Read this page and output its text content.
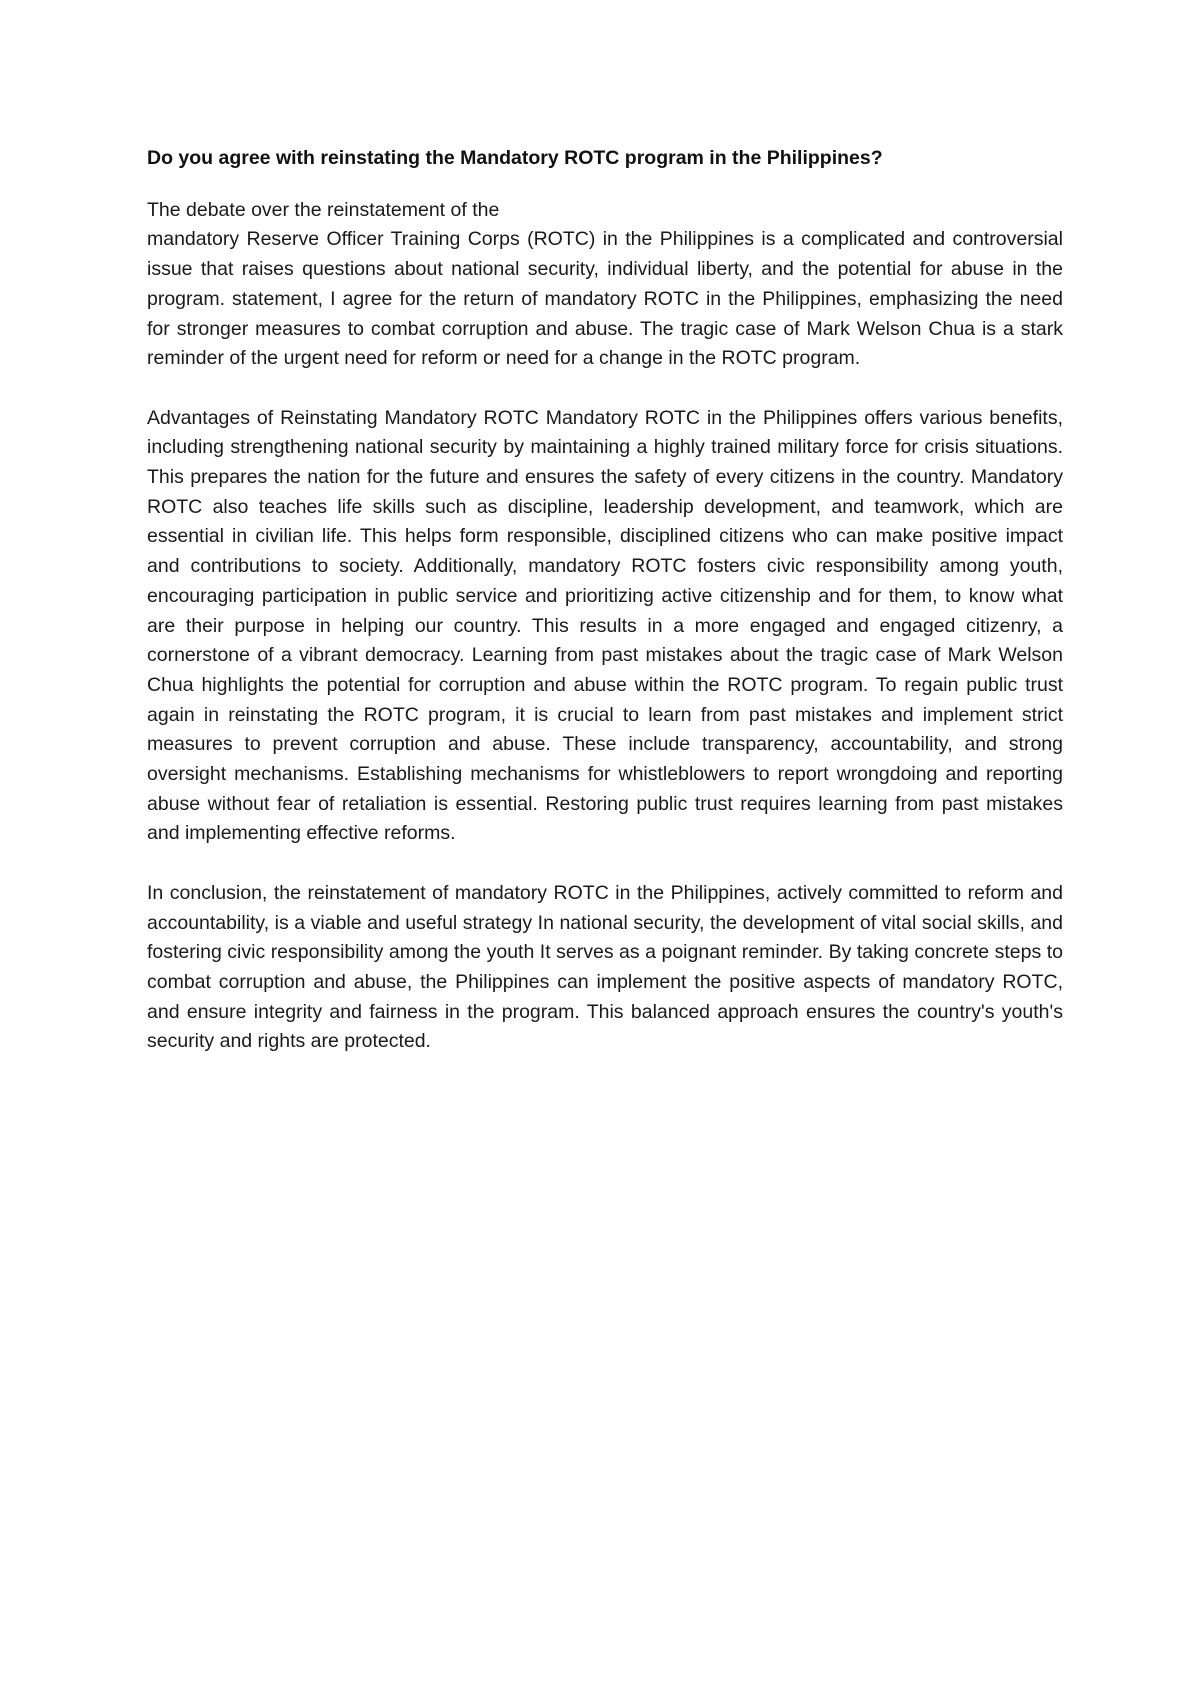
Do you agree with reinstating the Mandatory ROTC program in the Philippines?

The debate over the reinstatement of the

mandatory Reserve Officer Training Corps (ROTC) in the Philippines is a complicated and controversial issue that raises questions about national security, individual liberty, and the potential for abuse in the program. statement, I agree for the return of mandatory ROTC in the Philippines, emphasizing the need for stronger measures to combat corruption and abuse. The tragic case of Mark Welson Chua is a stark reminder of the urgent need for reform or need for a change in the ROTC program.

Advantages of Reinstating Mandatory ROTC Mandatory ROTC in the Philippines offers various benefits, including strengthening national security by maintaining a highly trained military force for crisis situations. This prepares the nation for the future and ensures the safety of every citizens in the country. Mandatory ROTC also teaches life skills such as discipline, leadership development, and teamwork, which are essential in civilian life. This helps form responsible, disciplined citizens who can make positive impact and contributions to society. Additionally, mandatory ROTC fosters civic responsibility among youth, encouraging participation in public service and prioritizing active citizenship and for them, to know what are their purpose in helping our country. This results in a more engaged and engaged citizenry, a cornerstone of a vibrant democracy. Learning from past mistakes about the tragic case of Mark Welson Chua highlights the potential for corruption and abuse within the ROTC program. To regain public trust again in reinstating the ROTC program, it is crucial to learn from past mistakes and implement strict measures to prevent corruption and abuse. These include transparency, accountability, and strong oversight mechanisms. Establishing mechanisms for whistleblowers to report wrongdoing and reporting abuse without fear of retaliation is essential. Restoring public trust requires learning from past mistakes and implementing effective reforms.

In conclusion, the reinstatement of mandatory ROTC in the Philippines, actively committed to reform and accountability, is a viable and useful strategy In national security, the development of vital social skills, and fostering civic responsibility among the youth It serves as a poignant reminder. By taking concrete steps to combat corruption and abuse, the Philippines can implement the positive aspects of mandatory ROTC, and ensure integrity and fairness in the program. This balanced approach ensures the country's youth's security and rights are protected.
